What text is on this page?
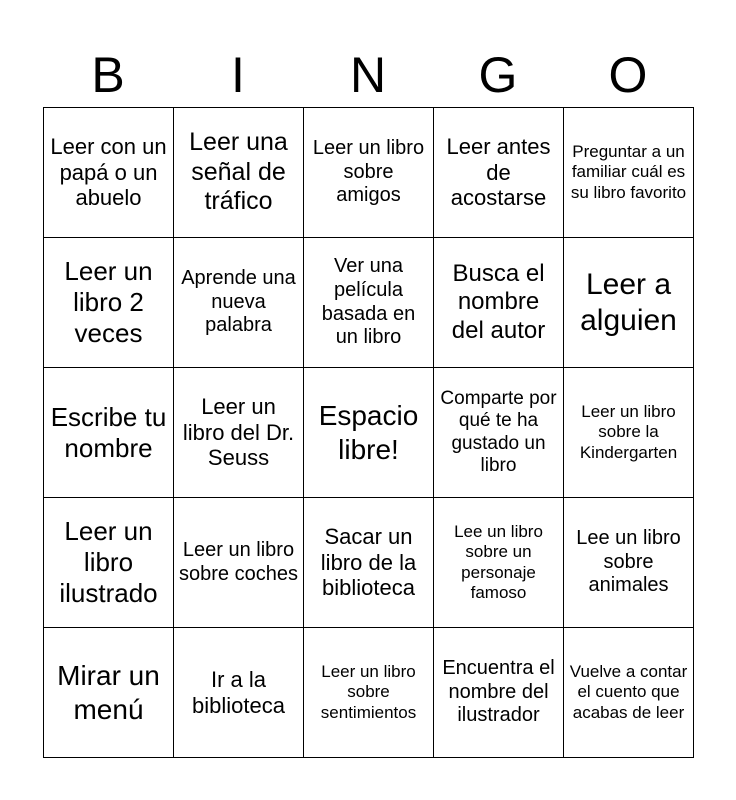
B	I	N	G	O
Leer con un papá o un abuelo	Leer una señal de tráfico	Leer un libro sobre amigos	Leer antes de acostarse	Preguntar a un familiar cuál es su libro favorito
Leer un libro 2 veces	Aprende una nueva palabra	Ver una película basada en un libro	Busca el nombre del autor	Leer a alguien
Escribe tu nombre	Leer un libro del Dr. Seuss	Espacio libre!	Comparte por qué te ha gustado un libro	Leer un libro sobre la Kindergarten
Leer un libro ilustrado	Leer un libro sobre coches	Sacar un libro de la biblioteca	Lee un libro sobre un personaje famoso	Lee un libro sobre animales
Mirar un menú	Ir a la biblioteca	Leer un libro sobre sentimientos	Encuentra el nombre del ilustrador	Vuelve a contar el cuento que acabas de leer
